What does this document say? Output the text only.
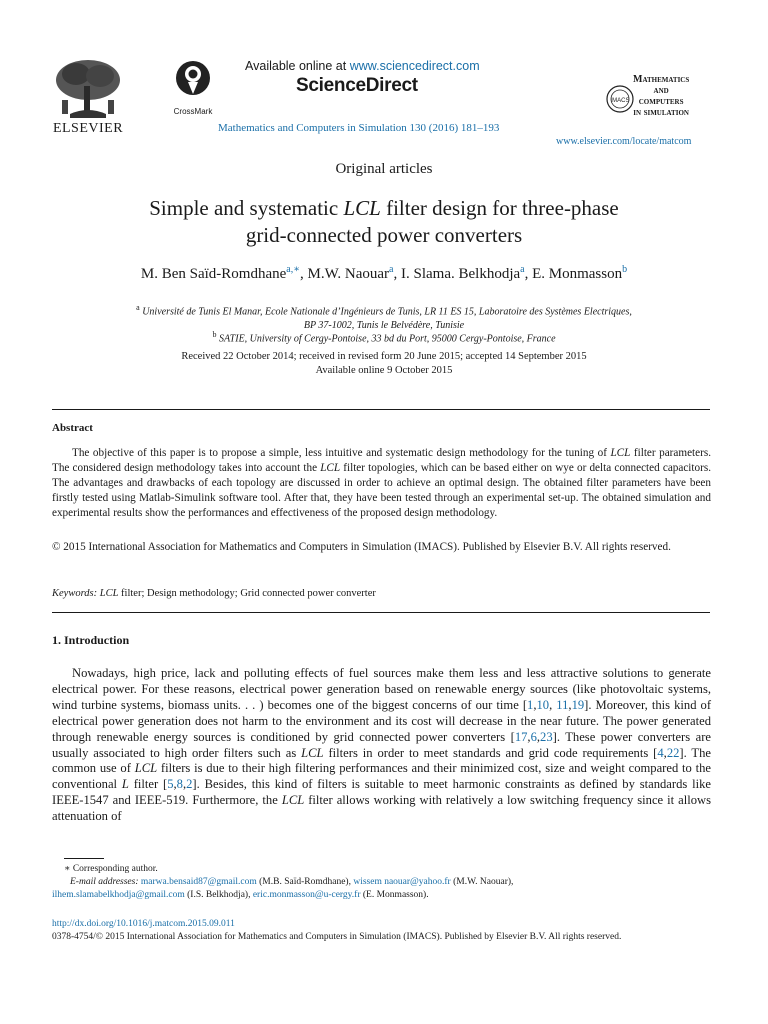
ELSEVIER
CrossMark
Available online at www.sciencedirect.com
ScienceDirect
Mathematics and Computers in Simulation 130 (2016) 181–193
IMACS
Mathematics
and
computers
in simulation
www.elsevier.com/locate/matcom
Original articles
Simple and systematic LCL filter design for three-phase
grid-connected power converters
M. Ben Saïd-Romdhane$^{a,∗}$, M.W. Naouar$^a$, I. Slama. Belkhodja$^a$, E. Monmasson$^b$
$^a$ Université de Tunis El Manar, Ecole Nationale d’Ingénieurs de Tunis, LR 11 ES 15, Laboratoire des Systèmes Electriques,
BP 37-1002, Tunis le Belvédère, Tunisie
$^b$ SATIE, University of Cergy-Pontoise, 33 bd du Port, 95000 Cergy-Pontoise, France
Received 22 October 2014; received in revised form 20 June 2015; accepted 14 September 2015
Available online 9 October 2015
Abstract
The objective of this paper is to propose a simple, less intuitive and systematic design methodology for the tuning of LCL filter parameters. The considered design methodology takes into account the LCL filter topologies, which can be based either on wye or delta connected capacitors. The advantages and drawbacks of each topology are discussed in order to achieve an optimal design. The obtained filter parameters have been firstly tested using Matlab-Simulink software tool. After that, they have been tested through an experimental set-up. The obtained simulation and experimental results show the performances and effectiveness of the proposed design methodology.
© 2015 International Association for Mathematics and Computers in Simulation (IMACS). Published by Elsevier B.V. All rights reserved.
Keywords: LCL filter; Design methodology; Grid connected power converter
1. Introduction
Nowadays, high price, lack and polluting effects of fuel sources make them less and less attractive solutions to generate electrical power. For these reasons, electrical power generation based on renewable energy sources (like photovoltaic systems, wind turbine systems, biomass units. . . ) becomes one of the biggest concerns of our time [1,10, 11,19]. Moreover, this kind of electrical power generation does not harm to the environment and its cost will decrease in the near future. The power generated through renewable energy sources is conditioned by grid connected power converters [17,6,23]. These power converters are usually associated to high order filters such as LCL filters in order to meet standards and grid code requirements [4,22]. The common use of LCL filters is due to their high filtering performances and their minimized cost, size and weight compared to the conventional L filter [5,8,2]. Besides, this kind of filters is suitable to meet harmonic constraints as defined by standards like IEEE-1547 and IEEE-519. Furthermore, the LCL filter allows working with relatively a low switching frequency since it allows attenuation of
∗ Corresponding author.
E-mail addresses: marwa.bensaid87@gmail.com (M.B. Saïd-Romdhane), wissem naouar@yahoo.fr (M.W. Naouar),
ilhem.slamabelkhodja@gmail.com (I.S. Belkhodja), eric.monmasson@u-cergy.fr (E. Monmasson).
http://dx.doi.org/10.1016/j.matcom.2015.09.011
0378-4754/© 2015 International Association for Mathematics and Computers in Simulation (IMACS). Published by Elsevier B.V. All rights reserved.
